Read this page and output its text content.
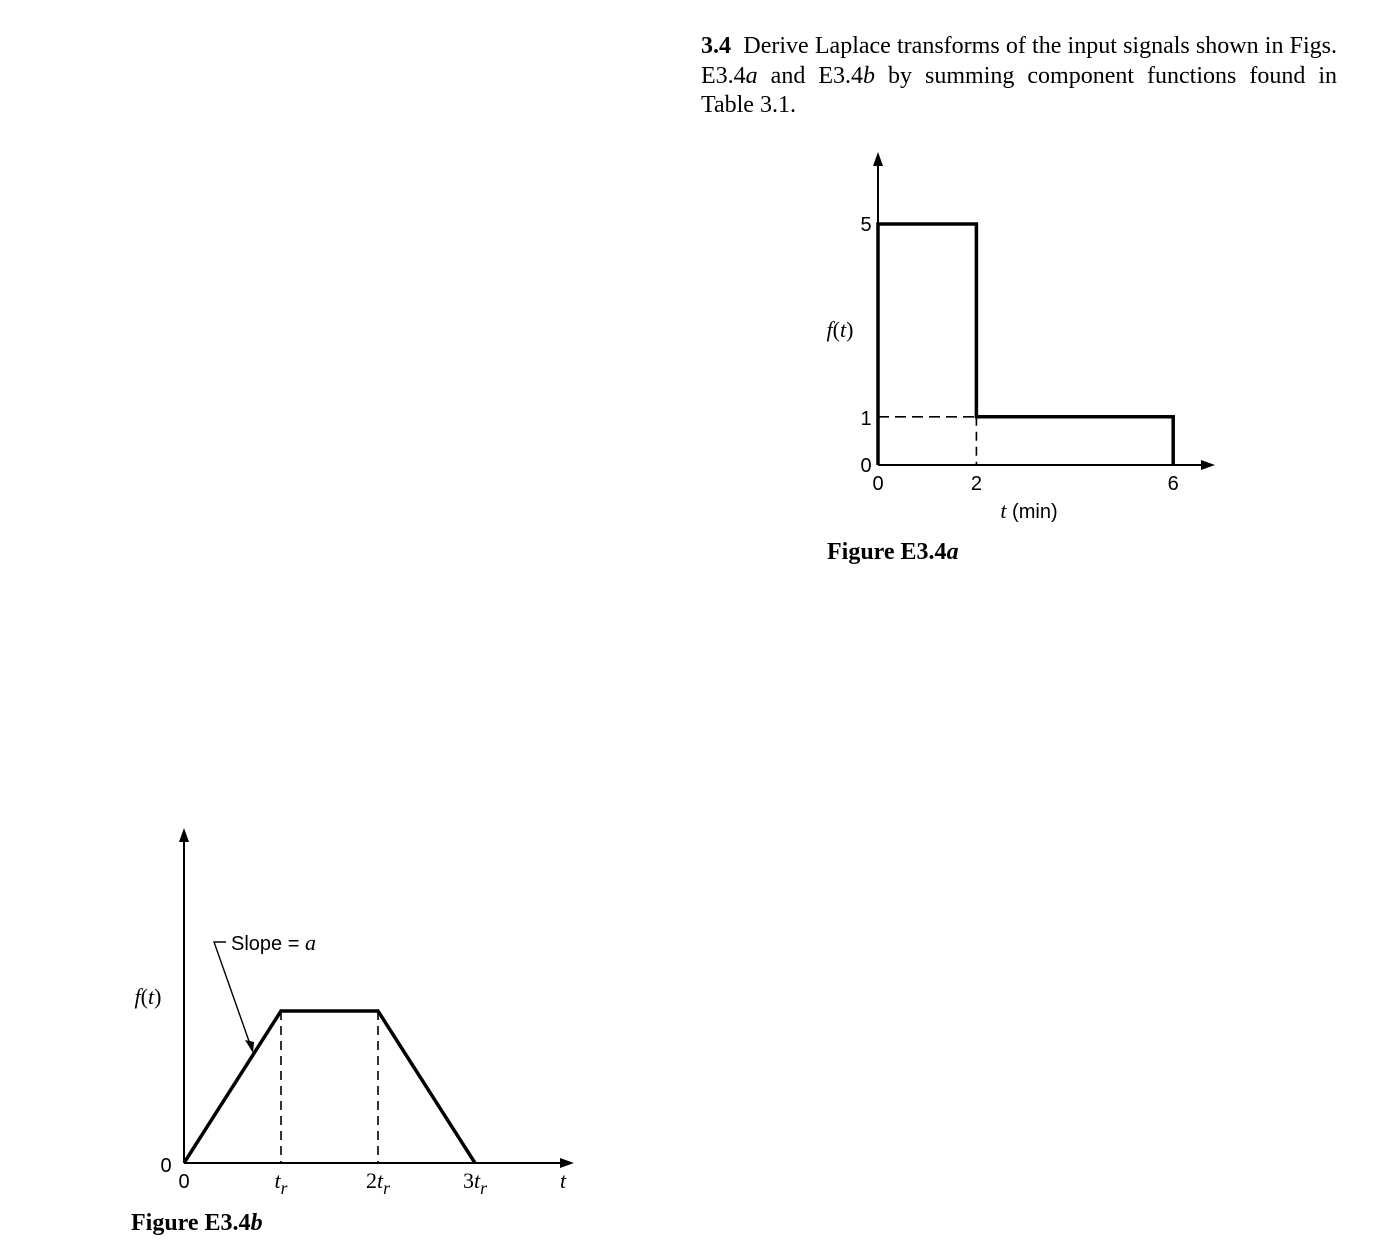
3.4 Derive Laplace transforms of the input signals shown in Figs. E3.4a and E3.4b by summing component functions found in Table 3.1.

0	2	6
0
1
5
f(t)
t (min)
Figure E3.4a
0	$t_r$	$2t_r$	$3t_r$
0
t
f(t)
Slope = a
Figure E3.4b
